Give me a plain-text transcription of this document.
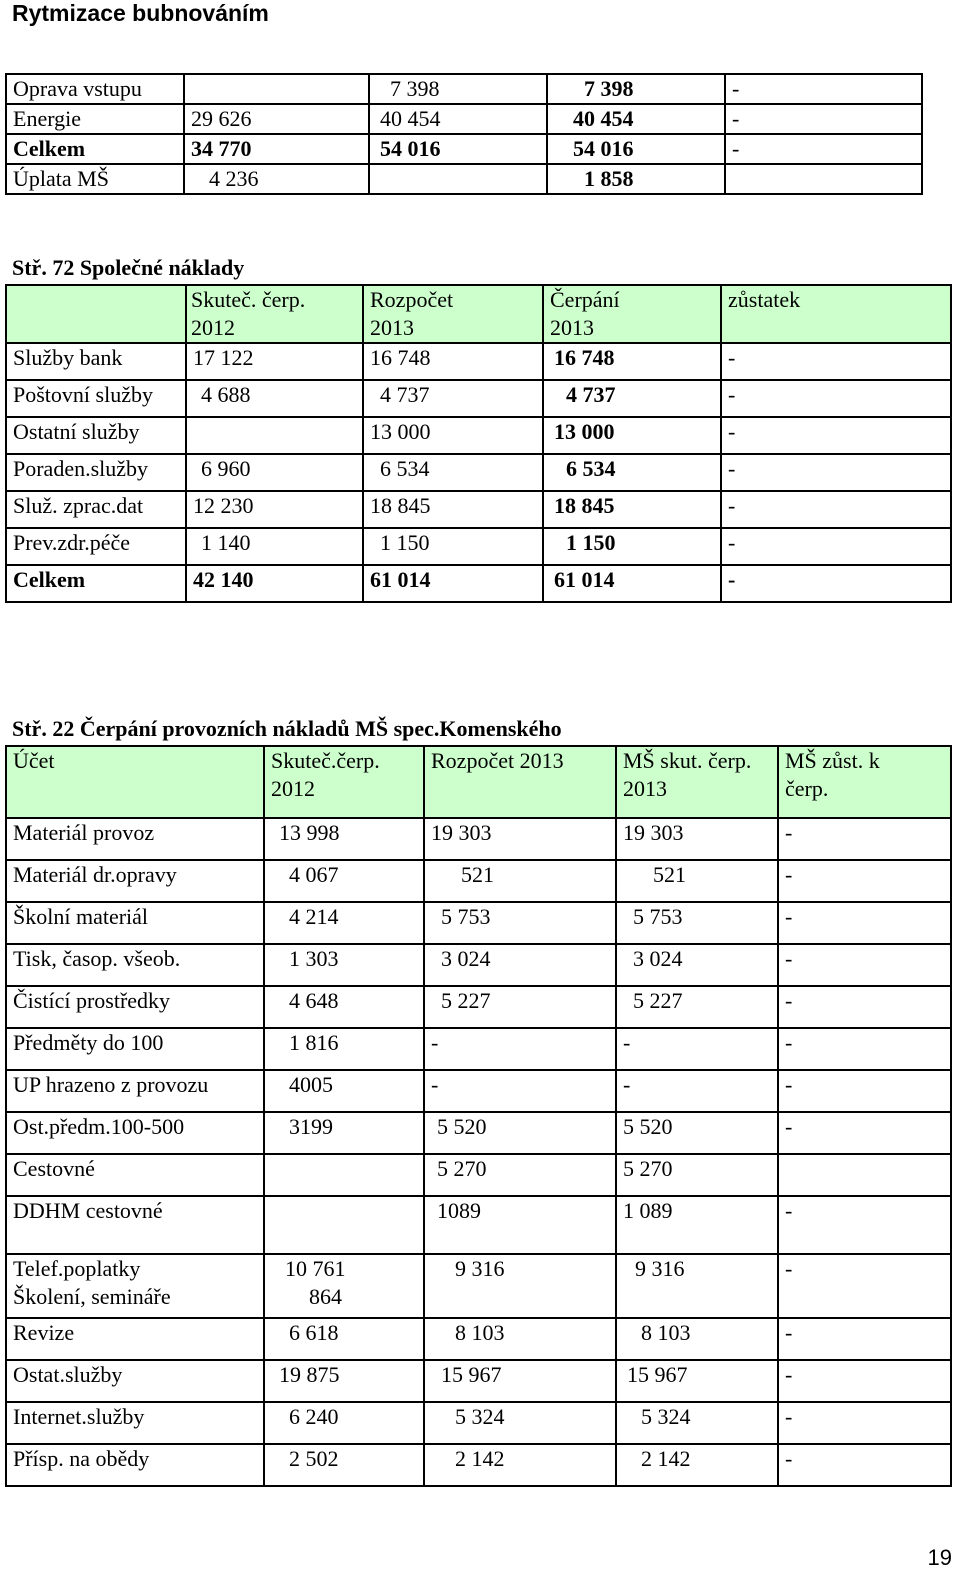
Rytmizace bubnováním
Oprava vstupu		7 398	7 398	-
Energie	29 626	40 454	40 454	-
Celkem	34 770	54 016	54 016	-
Úplata MŠ	4 236		1 858	
Stř. 72 Společné náklady
	Skuteč. čerp. 2012	Rozpočet 2013	Čerpání 2013	zůstatek
Služby bank	17 122	16 748	16 748	-
Poštovní služby	4 688	4 737	4 737	-
Ostatní služby		13 000	13 000	-
Poraden.služby	6 960	6 534	6 534	-
Služ. zprac.dat	12 230	18 845	18 845	-
Prev.zdr.péče	1 140	1 150	1 150	-
Celkem	42 140	61 014	61 014	-
Stř. 22 Čerpání provozních nákladů MŠ spec.Komenského
Účet	Skuteč.čerp. 2012	Rozpočet 2013	MŠ skut. čerp. 2013	MŠ zůst. k čerp.
Materiál provoz	13 998	19 303	19 303	-
Materiál dr.opravy	4 067	521	521	-
Školní materiál	4 214	5 753	5 753	-
Tisk, časop. všeob.	1 303	3 024	3 024	-
Čistící prostředky	4 648	5 227	5 227	-
Předměty do 100	1 816	-	-	-
UP hrazeno z provozu	4005	-	-	-
Ost.předm.100-500	3199	5 520	5 520	-
Cestovné		5 270	5 270	
DDHM cestovné		1089	1 089	-
Telef.poplatky	10 761	9 316	9 316	-
Školení, semináře	864			
Revize	6 618	8 103	8 103	-
Ostat.služby	19 875	15 967	15 967	-
Internet.služby	6 240	5 324	5 324	-
Přísp. na obědy	2 502	2 142	2 142	-
19
